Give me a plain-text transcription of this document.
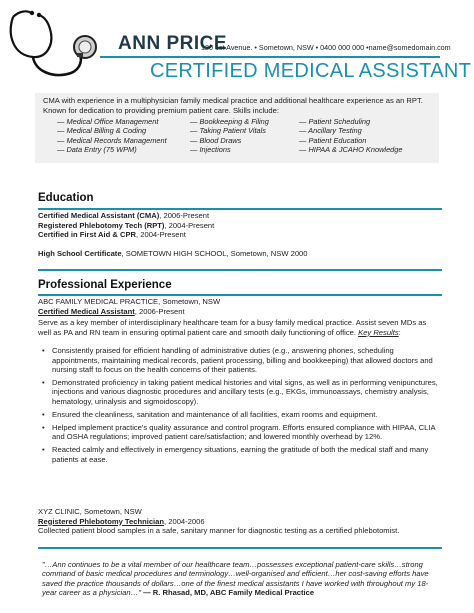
ANN PRICE
120 1st Avenue. • Sometown, NSW • 0400 000 000 •name@somedomain.com
CERTIFIED MEDICAL ASSISTANT
CMA with experience in a multiphysician family medical practice and additional healthcare experience as an RPT. Known for dedication to providing premium patient care. Skills include:
— Medical Office Management
— Medical Billing & Coding
— Medical Records Management
— Data Entry (75 WPM)
— Bookkeeping & Filing
— Taking Patient Vitals
— Blood Draws
— Injections
— Patient Scheduling
— Ancillary Testing
— Patient Education
— HIPAA & JCAHO Knowledge
Education
Certified Medical Assistant (CMA), 2006-Present
Registered Phlebotomy Tech (RPT), 2004-Present
Certified in First Aid & CPR, 2004-Present
High School Certificate, SOMETOWN HIGH SCHOOL, Sometown, NSW 2000
Professional Experience
ABC FAMILY MEDICAL PRACTICE, Sometown, NSW
Certified Medical Assistant, 2006-Present
Serve as a key member of interdisciplinary healthcare team for a busy family medical practice. Assist seven MDs as well as PA and RN team in ensuring optimal patient care and smooth daily functioning of office. Key Results:
• Consistently praised for efficient handling of administrative duties (e.g., answering phones, scheduling appointments, maintaining medical records, patient processing, billing and bookkeeping) that allowed doctors and nursing staff to focus on the health concerns of their patients.
• Demonstrated proficiency in taking patient medical histories and vital signs, as well as in performing venipunctures, injections and various diagnostic procedures and ancillary tests (e.g., EKGs, immunoassays, chemistry analysis, hematology, urinalysis and sigmoidoscopy).
• Ensured the cleanliness, sanitation and maintenance of all facilities, exam rooms and equipment.
• Helped implement practice's quality assurance and control program. Efforts ensured compliance with HIPAA, CLIA and OSHA regulations; improved patient care/satisfaction; and lowered monthly overhead by 12%.
• Reacted calmly and effectively in emergency situations, earning the gratitude of both the medical staff and many patients at ease.
XYZ CLINIC, Sometown, NSW
Registered Phlebotomy Technician, 2004-2006
Collected patient blood samples in a safe, sanitary manner for diagnostic testing as a certified phlebotomist.
"…Ann continues to be a vital member of our healthcare team…possesses exceptional patient-care skills…strong command of basic medical procedures and terminology…well-organised and efficient…her cost-saving efforts have saved the practice thousands of dollars…one of the finest medical assistants I have worked with throughout my 18-year career as a physician…" — R. Rhasad, MD, ABC Family Medical Practice
